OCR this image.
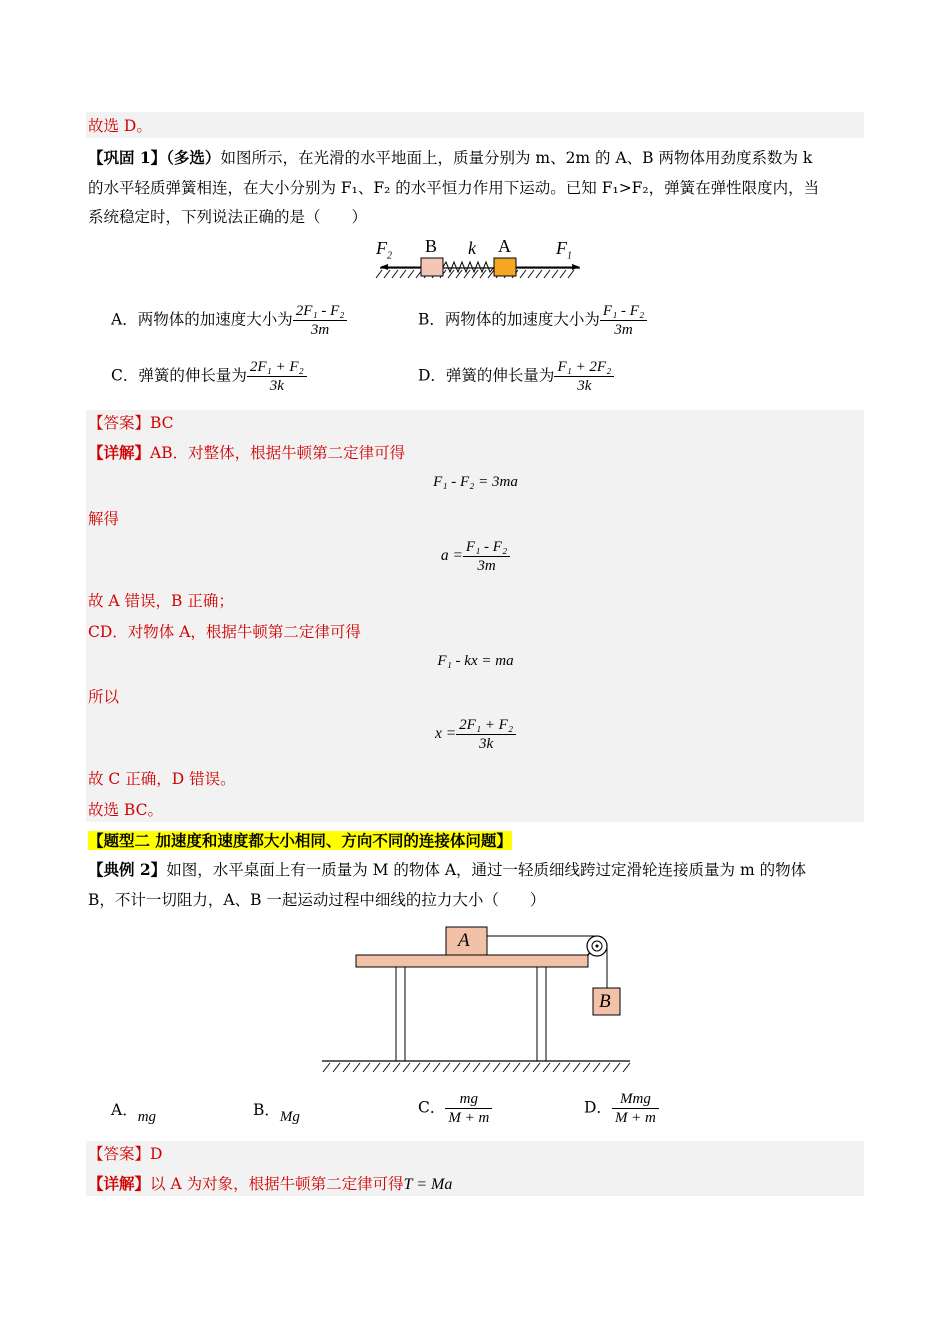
故选 D。
【巩固 1】（多选）如图所示，在光滑的水平地面上，质量分别为 m、2m 的 A、B 两物体用劲度系数为 k
的水平轻质弹簧相连，在大小分别为 F₁、F₂ 的水平恒力作用下运动。已知 F₁>F₂，弹簧在弹性限度内，当
系统稳定时，下列说法正确的是（　　）
$F_2$
B k A	$F_1$
A．两物体的加速度大小为 $\frac{\text{2F₁ - F₂}}{3m}$	B．两物体的加速度大小为 $\frac{\text{F₁ - F₂}}{3m}$
C．弹簧的伸长量为 $\frac{\text{2F₁ + F₂}}{3k}$	D．弹簧的伸长量为 $\frac{\text{F₁ + 2F₂}}{3k}$
【答案】BC
【详解】AB．对整体，根据牛顿第二定律可得
F₁ - F₂ = 3ma
解得
$a = \frac{\text{F₁ - F₂}}{3m}$
故 A 错误，B 正确；
CD．对物体 A，根据牛顿第二定律可得
F₁ - kx = ma
所以
$x = \frac{\text{2F₁ + F₂}}{3k}$
故 C 正确，D 错误。
故选 BC。
【题型二 加速度和速度都大小相同、方向不同的连接体问题】
【典例 2】如图，水平桌面上有一质量为 M 的物体 A，通过一轻质细线跨过定滑轮连接质量为 m 的物体
B，不计一切阻力，A、B 一起运动过程中细线的拉力大小（　　）
A
B
A．mg	B．Mg
C． $\frac{mg}{M + m}$	D． $\frac{\text{Mmg}}{M + m}$
【答案】D
【详解】以 A 为对象，根据牛顿第二定律可得T = Ma
